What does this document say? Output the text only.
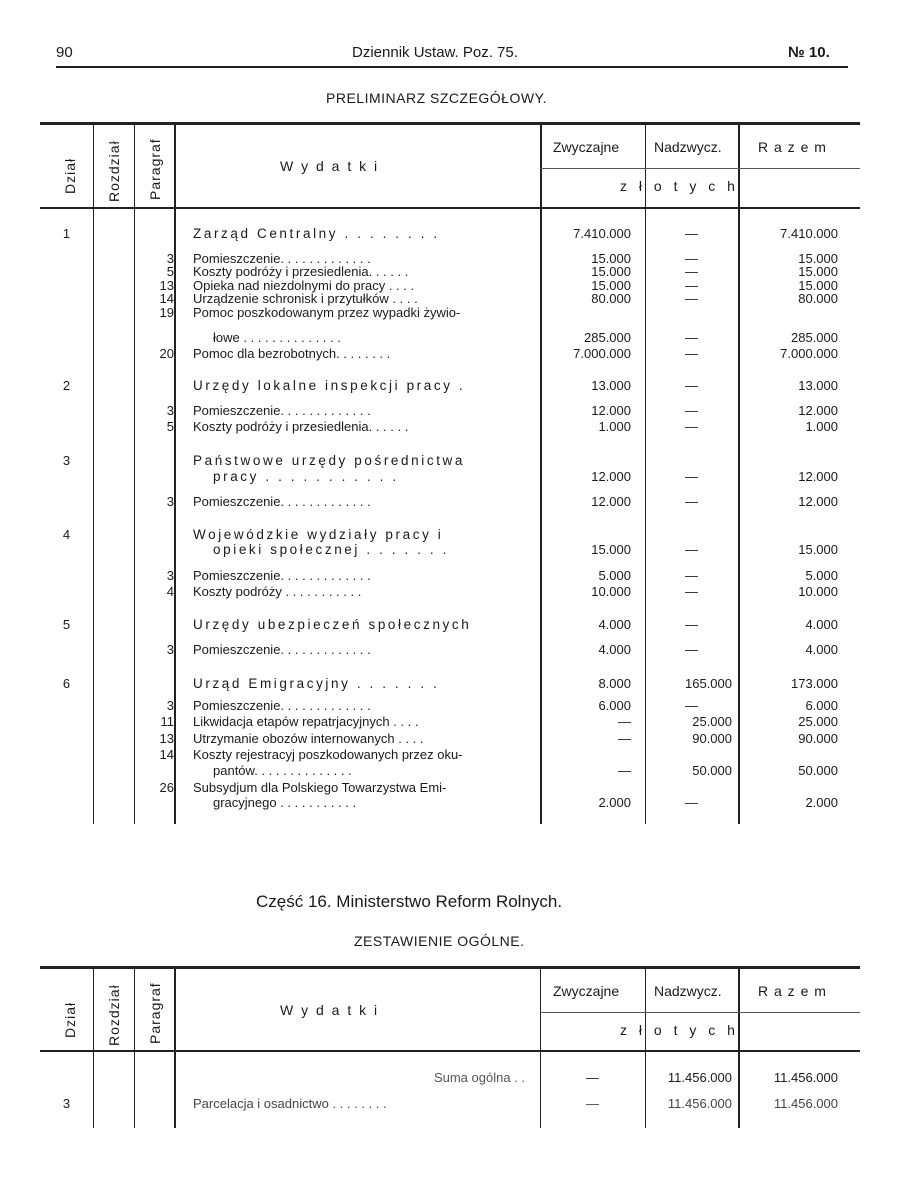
90	Dziennik Ustaw. Poz. 75.	№ 10.
PRELIMINARZ SZCZEGÓŁOWY.
Dział Rozdział Paragraf	W y d a t k i
Zwyczajne Nadzwycz.	R a z e m
z ł o t y c h
1	Zarząd Centralny . . . . . . . .	7.410.000	—	7.410.000
3 Pomieszczenie. . . . . . . . . . . . .	15.000	—	15.000
5 Koszty podróży i przesiedlenia. . . . . .	15.000	—	15.000
13 Opieka nad niezdolnymi do pracy . . . .	15.000	—	15.000
14 Urządzenie schronisk i przytułków . . . .	80.000	—	80.000
19 Pomoc poszkodowanym przez wypadki żywio-
łowe . . . . . . . . . . . . . .	285.000	—	285.000
20 Pomoc dla bezrobotnych. . . . . . . .	7.000.000	—	7.000.000
2	Urzędy lokalne inspekcji pracy .	13.000	—	13.000
3 Pomieszczenie. . . . . . . . . . . . .	12.000	—	12.000
5 Koszty podróży i przesiedlenia. . . . . .	1.000	—	1.000
3	Państwowe urzędy pośrednictwa
pracy . . . . . . . . . . .	12.000	—	12.000
3 Pomieszczenie. . . . . . . . . . . . .	12.000	—	12.000
4	Wojewódzkie wydziały pracy i
opieki społecznej . . . . . . .	15.000	—	15.000
3 Pomieszczenie. . . . . . . . . . . . .	5.000	—	5.000
4 Koszty podróży . . . . . . . . . . .	10.000	—	10.000
5	Urzędy ubezpieczeń społecznych	4.000	—	4.000
3 Pomieszczenie. . . . . . . . . . . . .	4.000	—	4.000
6	Urząd Emigracyjny . . . . . . .	8.000	165.000	173.000
3 Pomieszczenie. . . . . . . . . . . . .	6.000	—	6.000
11 Likwidacja etapów repatrjacyjnych . . . .	—	25.000	25.000
13 Utrzymanie obozów internowanych . . . .	—	90.000	90.000
14 Koszty rejestracyj poszkodowanych przez oku-
pantów. . . . . . . . . . . . . .	—	50.000	50.000
26 Subsydjum dla Polskiego Towarzystwa Emi-
gracyjnego . . . . . . . . . . .	2.000	—	2.000
Część 16. Ministerstwo Reform Rolnych.
ZESTAWIENIE OGÓLNE.
Dział Rozdział Paragraf	W y d a t k i
Zwyczajne Nadzwycz.	R a z e m
z ł o t y c h
Suma ogólna . .	—	11.456.000	11.456.000
3	Parcelacja i osadnictwo . . . . . . . .	—	11.456.000	11.456.000
